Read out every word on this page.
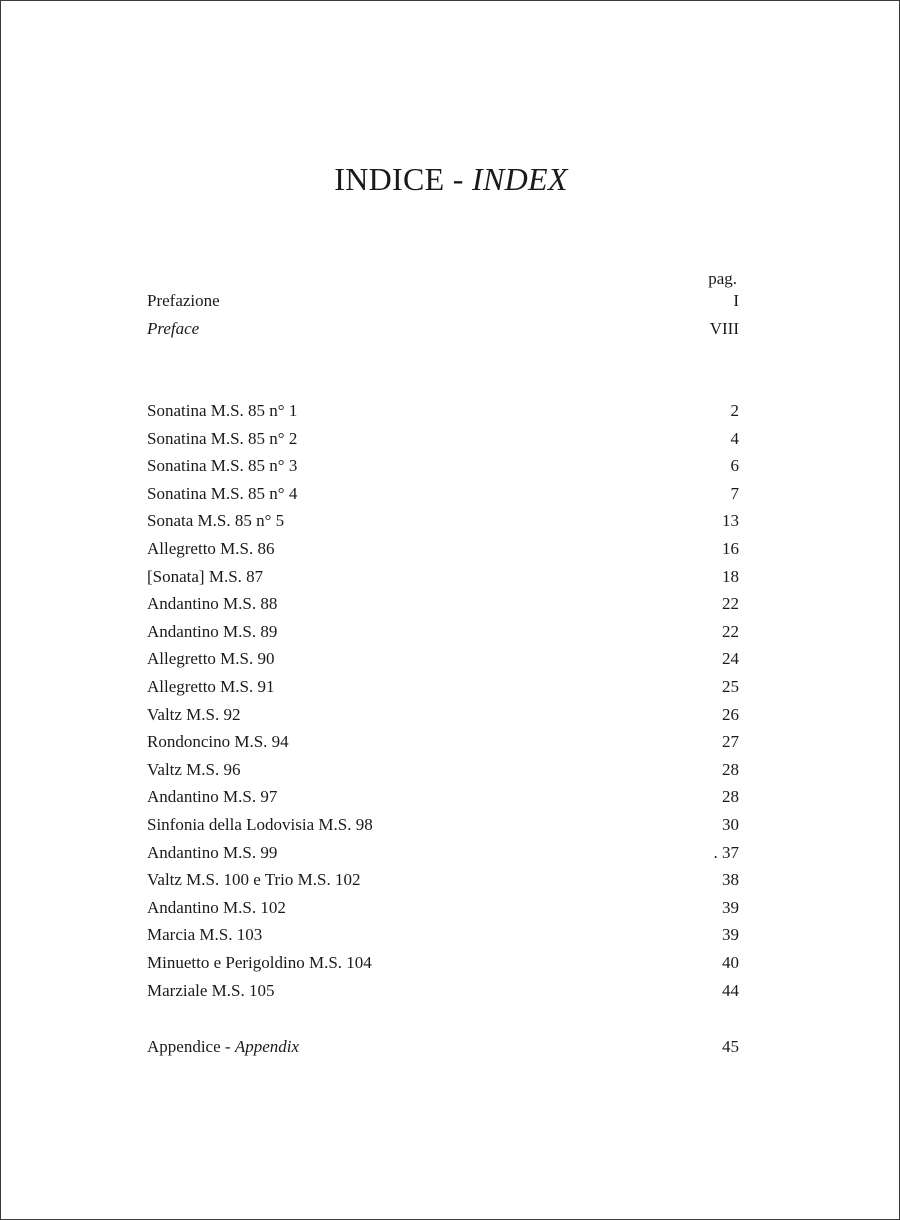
INDICE - INDEX
pag.
Prefazione	I
Preface	VIII
Sonatina M.S. 85 n° 1	2
Sonatina M.S. 85 n° 2	4
Sonatina M.S. 85 n° 3	6
Sonatina M.S. 85 n° 4	7
Sonata M.S. 85 n° 5	13
Allegretto M.S. 86	16
[Sonata] M.S. 87	18
Andantino M.S. 88	22
Andantino M.S. 89	22
Allegretto M.S. 90	24
Allegretto M.S. 91	25
Valtz M.S. 92	26
Rondoncino M.S. 94	27
Valtz M.S. 96	28
Andantino M.S. 97	28
Sinfonia della Lodovisia M.S. 98	30
Andantino M.S. 99	. 37
Valtz M.S. 100 e Trio M.S. 102	38
Andantino M.S. 102	39
Marcia M.S. 103	39
Minuetto e Perigoldino M.S. 104	40
Marziale M.S. 105	44
Appendice - Appendix	45
